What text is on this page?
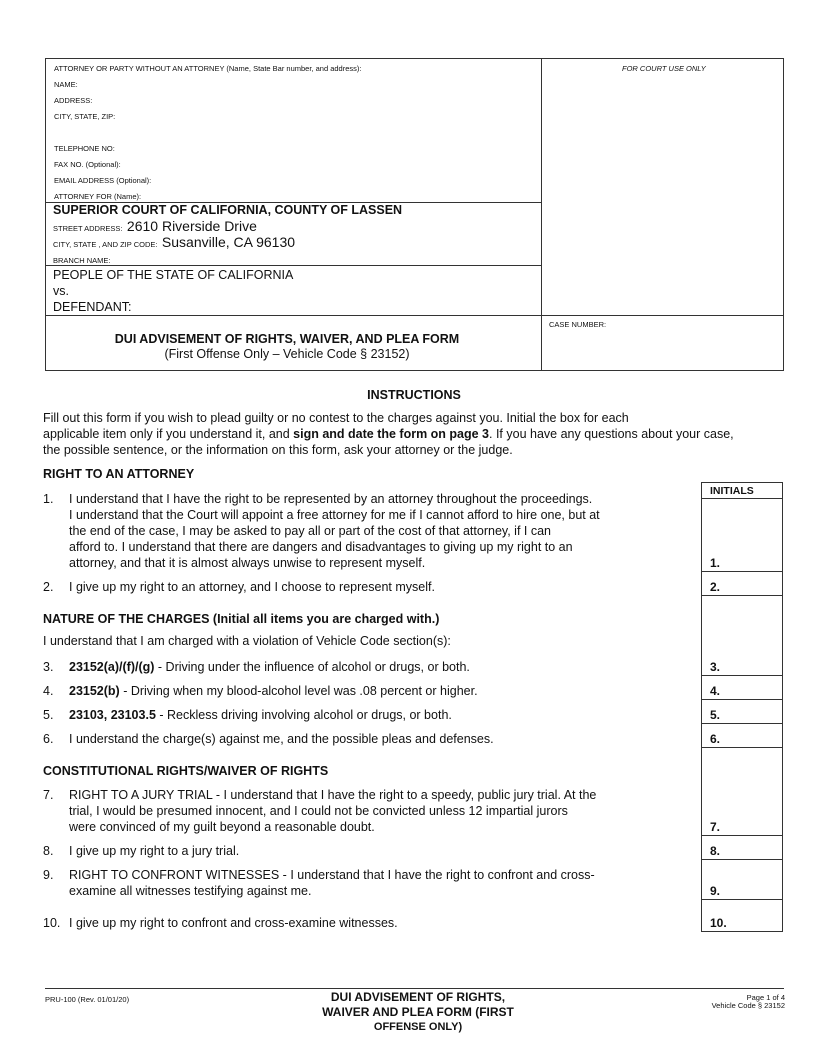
ATTORNEY OR PARTY WITHOUT AN ATTORNEY (Name, State Bar number, and address):	FOR COURT USE ONLY
NAME:
ADDRESS:
CITY, STATE, ZIP:
TELEPHONE NO:
FAX NO. (Optional):
EMAIL ADDRESS (Optional):
ATTORNEY FOR (Name):
SUPERIOR COURT OF CALIFORNIA, COUNTY OF LASSEN
STREET ADDRESS: 2610 Riverside Drive
CITY, STATE , AND ZIP CODE: Susanville, CA 96130
BRANCH NAME:
PEOPLE OF THE STATE OF CALIFORNIA
vs.
DEFENDANT:
DUI ADVISEMENT OF RIGHTS, WAIVER, AND PLEA FORM
(First Offense Only – Vehicle Code § 23152)
CASE NUMBER:
INSTRUCTIONS
Fill out this form if you wish to plead guilty or no contest to the charges against you. Initial the box for each
applicable item only if you understand it, and sign and date the form on page 3. If you have any questions about your case,
the possible sentence, or the information on this form, ask your attorney or the judge.
RIGHT TO AN ATTORNEY
NATURE OF THE CHARGES (Initial all items you are charged with.)
I understand that I am charged with a violation of Vehicle Code section(s):
CONSTITUTIONAL RIGHTS/WAIVER OF RIGHTS
1. I understand that I have the right to be represented by an attorney throughout the proceedings.
I understand that the Court will appoint a free attorney for me if I cannot afford to hire one, but at
the end of the case, I may be asked to pay all or part of the cost of that attorney, if I can
afford to. I understand that there are dangers and disadvantages to giving up my right to an
attorney, and that it is almost always unwise to represent myself.
2. I give up my right to an attorney, and I choose to represent myself.
3. 23152(a)/(f)/(g) - Driving under the influence of alcohol or drugs, or both.
4. 23152(b) - Driving when my blood-alcohol level was .08 percent or higher.
5. 23103, 23103.5 - Reckless driving involving alcohol or drugs, or both.
6. I understand the charge(s) against me, and the possible pleas and defenses.
7. RIGHT TO A JURY TRIAL - I understand that I have the right to a speedy, public jury trial. At the
trial, I would be presumed innocent, and I could not be convicted unless 12 impartial jurors
were convinced of my guilt beyond a reasonable doubt.
8. I give up my right to a jury trial.
9. RIGHT TO CONFRONT WITNESSES - I understand that I have the right to confront and cross-
examine all witnesses testifying against me.
10. I give up my right to confront and cross-examine witnesses.
INITIALS
1.
2.
3.
4.
5.
6.
7.
8.
9.
10.
PRU-100 (Rev. 01/01/20)	DUI ADVISEMENT OF RIGHTS,
WAIVER AND PLEA FORM (FIRST
OFFENSE ONLY)
Page 1 of 4
Vehicle Code § 23152
